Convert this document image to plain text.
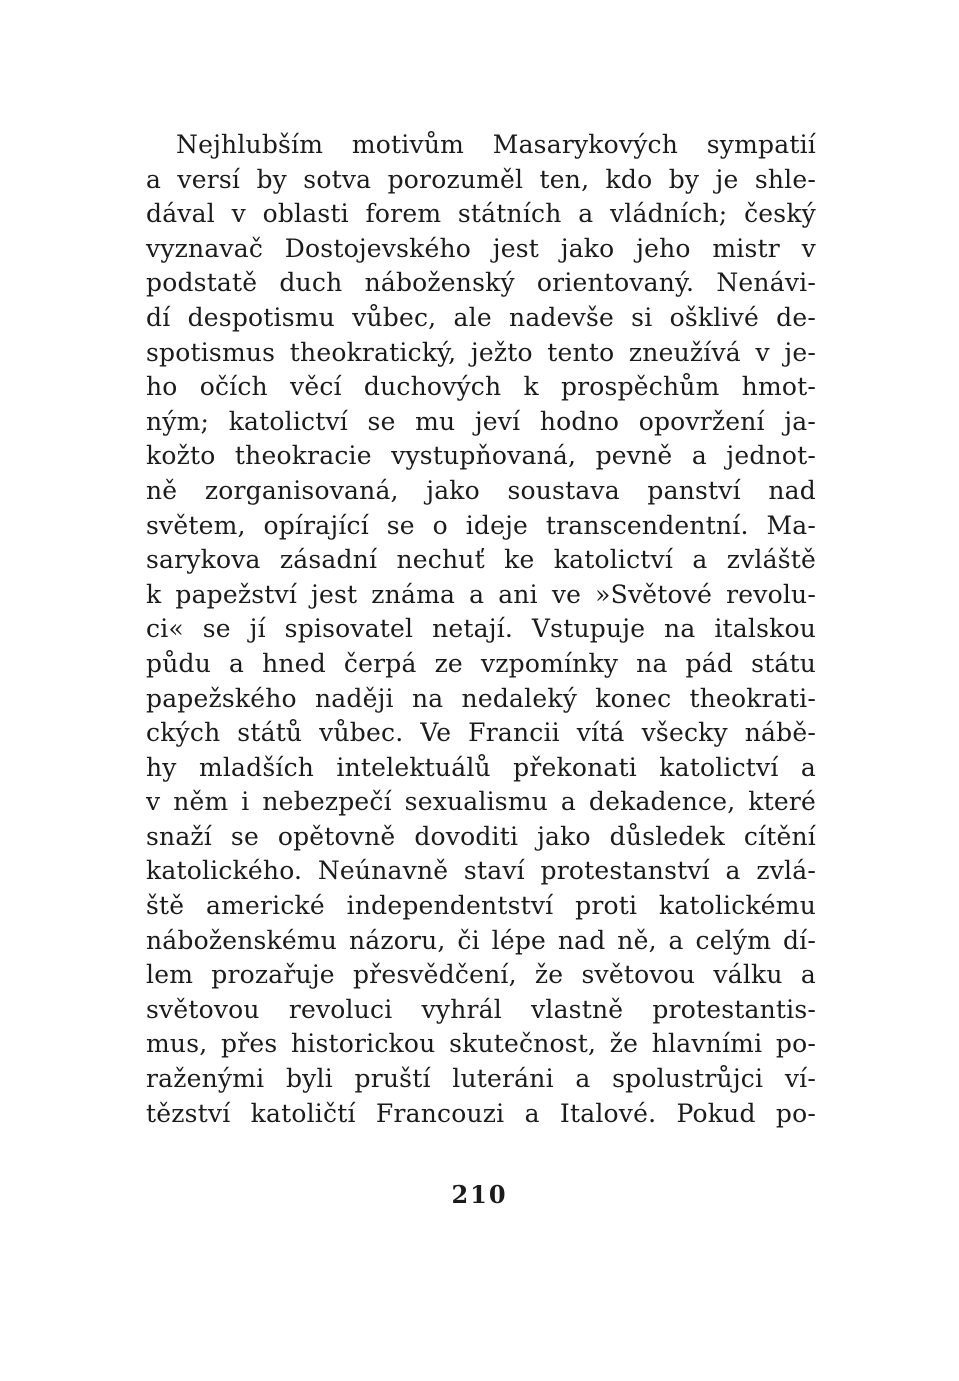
Nejhlubším motivům Masarykových sympatií
a versí by sotva porozuměl ten, kdo by je shle-
dával v oblasti forem státních a vládních; český
vyznavač Dostojevského jest jako jeho mistr v
podstatě duch náboženský orientovaný. Nenávi-
dí despotismu vůbec, ale nadevše si ošklivé de-
spotismus theokratický, ježto tento zneužívá v je-
ho očích věcí duchových k prospěchům hmot-
ným; katolictví se mu jeví hodno opovržení ja-
kožto theokracie vystupňovaná, pevně a jednot-
ně zorganisovaná, jako soustava panství nad
světem, opírající se o ideje transcendentní. Ma-
sarykova zásadní nechuť ke katolictví a zvláště
k papežství jest známa a ani ve »Světové revolu-
ci« se jí spisovatel netají. Vstupuje na italskou
půdu a hned čerpá ze vzpomínky na pád státu
papežského naději na nedaleký konec theokrati-
ckých států vůbec. Ve Francii vítá všecky nábě-
hy mladších intelektuálů překonati katolictví a
v něm i nebezpečí sexualismu a dekadence, které
snaží se opětovně dovoditi jako důsledek cítění
katolického. Neúnavně staví protestanství a zvlá-
ště americké independentství proti katolickému
náboženskému názoru, či lépe nad ně, a celým dí-
lem prozařuje přesvědčení, že světovou válku a
světovou revoluci vyhrál vlastně protestantis-
mus, přes historickou skutečnost, že hlavními po-
raženými byli pruští luteráni a spolustrůjci ví-
tězství katoličtí Francouzi a Italové. Pokud po-
210
